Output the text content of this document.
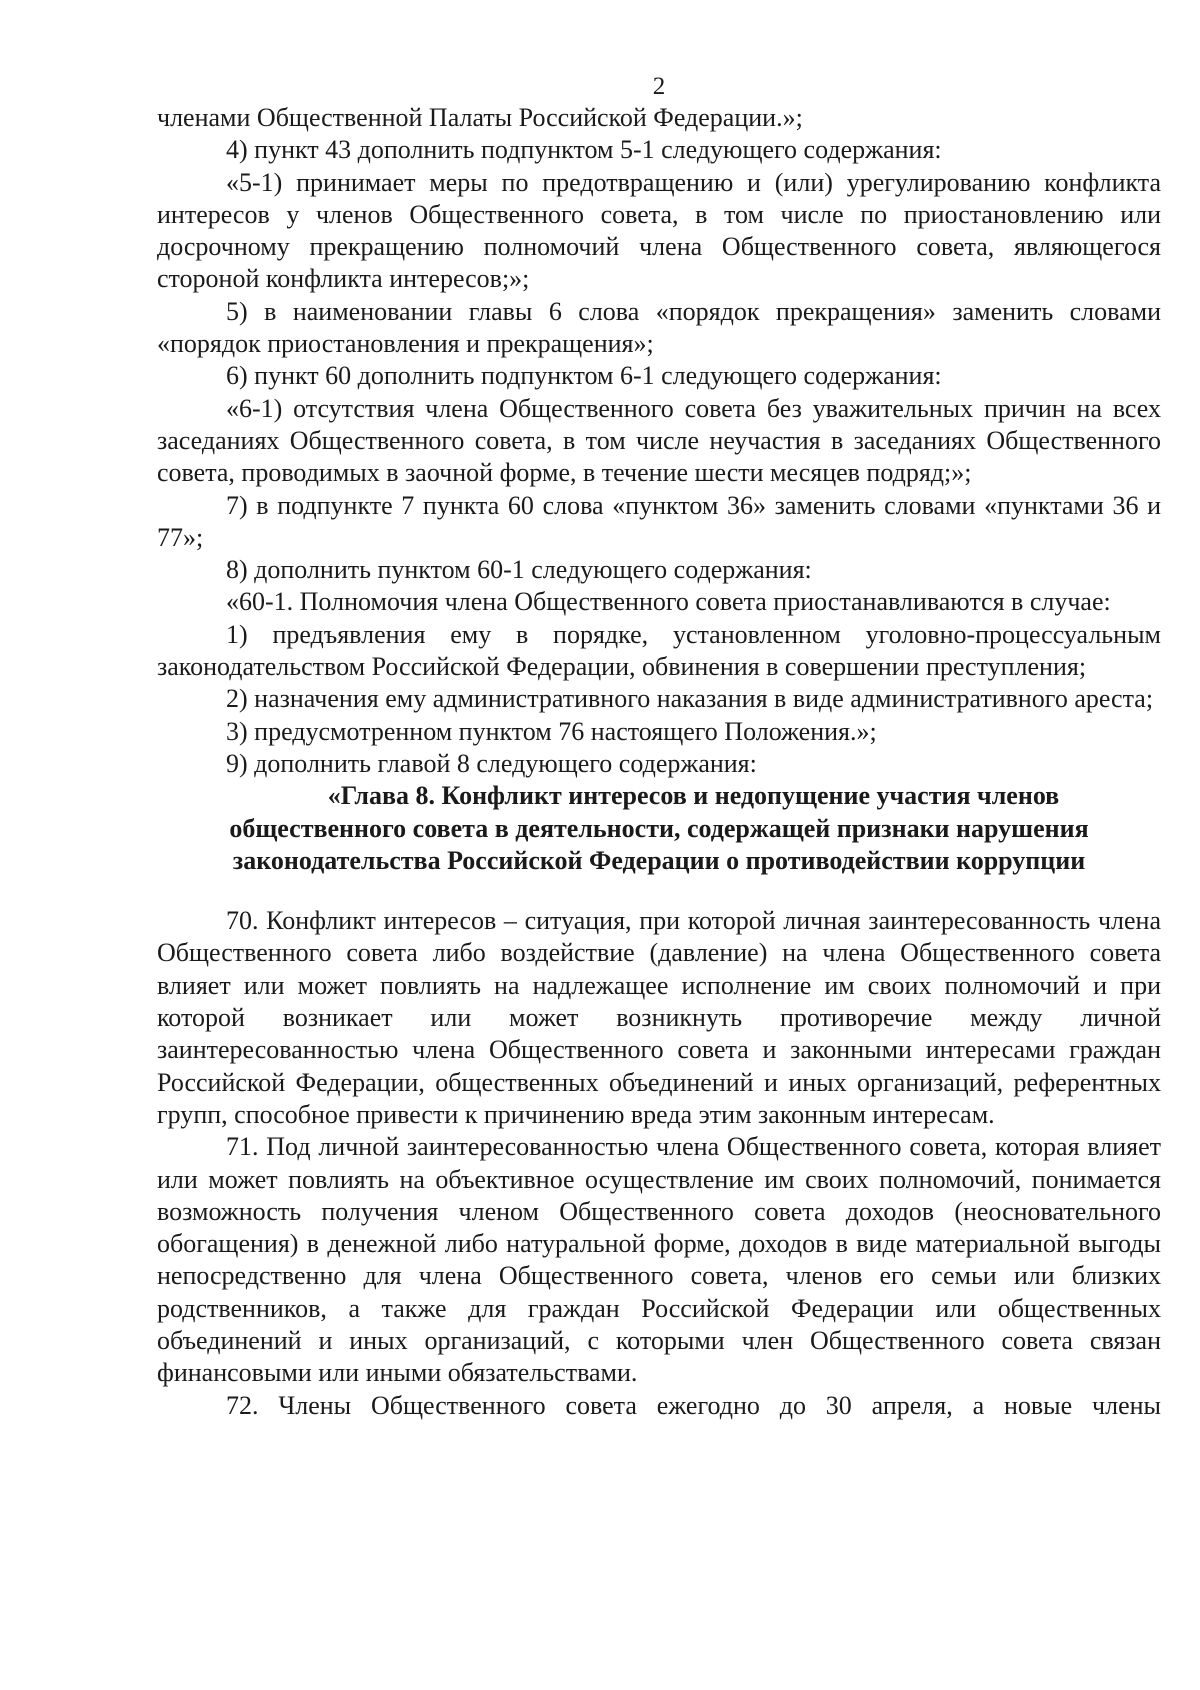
2

членами Общественной Палаты Российской Федерации.»;

4) пункт 43 дополнить подпунктом 5-1 следующего содержания:

«5-1) принимает меры по предотвращению и (или) урегулированию конфликта интересов у членов Общественного совета, в том числе по приостановлению или досрочному прекращению полномочий члена Общественного совета, являющегося стороной конфликта интересов;»;

5) в наименовании главы 6 слова «порядок прекращения» заменить словами «порядок приостановления и прекращения»;

6) пункт 60 дополнить подпунктом 6-1 следующего содержания:

«6-1) отсутствия члена Общественного совета без уважительных причин на всех заседаниях Общественного совета, в том числе неучастия в заседаниях Общественного совета, проводимых в заочной форме, в течение шести месяцев подряд;»;

7) в подпункте 7 пункта 60 слова «пунктом 36» заменить словами «пунктами 36 и 77»;

8) дополнить пунктом 60-1 следующего содержания:

«60-1. Полномочия члена Общественного совета приостанавливаются в случае:

1) предъявления ему в порядке, установленном уголовно-процессуальным законодательством Российской Федерации, обвинения в совершении преступления;

2) назначения ему административного наказания в виде административного ареста;

3) предусмотренном пунктом 76 настоящего Положения.»;

9) дополнить главой 8 следующего содержания:

«Глава 8. Конфликт интересов и недопущение участия членов

общественного совета в деятельности, содержащей признаки нарушения

законодательства Российской Федерации о противодействии коррупции

70. Конфликт интересов – ситуация, при которой личная заинтересованность члена Общественного совета либо воздействие (давление) на члена Общественного совета влияет или может повлиять на надлежащее исполнение им своих полномочий и при которой возникает или может возникнуть противоречие между личной заинтересованностью члена Общественного совета и законными интересами граждан Российской Федерации, общественных объединений и иных организаций, референтных групп, способное привести к причинению вреда этим законным интересам.

71. Под личной заинтересованностью члена Общественного совета, которая влияет или может повлиять на объективное осуществление им своих полномочий, понимается возможность получения членом Общественного совета доходов (неосновательного обогащения) в денежной либо натуральной форме, доходов в виде материальной выгоды непосредственно для члена Общественного совета, членов его семьи или близких родственников, а также для граждан Российской Федерации или общественных объединений и иных организаций, с которыми член Общественного совета связан финансовыми или иными обязательствами.

72. Члены Общественного совета ежегодно до 30 апреля, а новые члены
